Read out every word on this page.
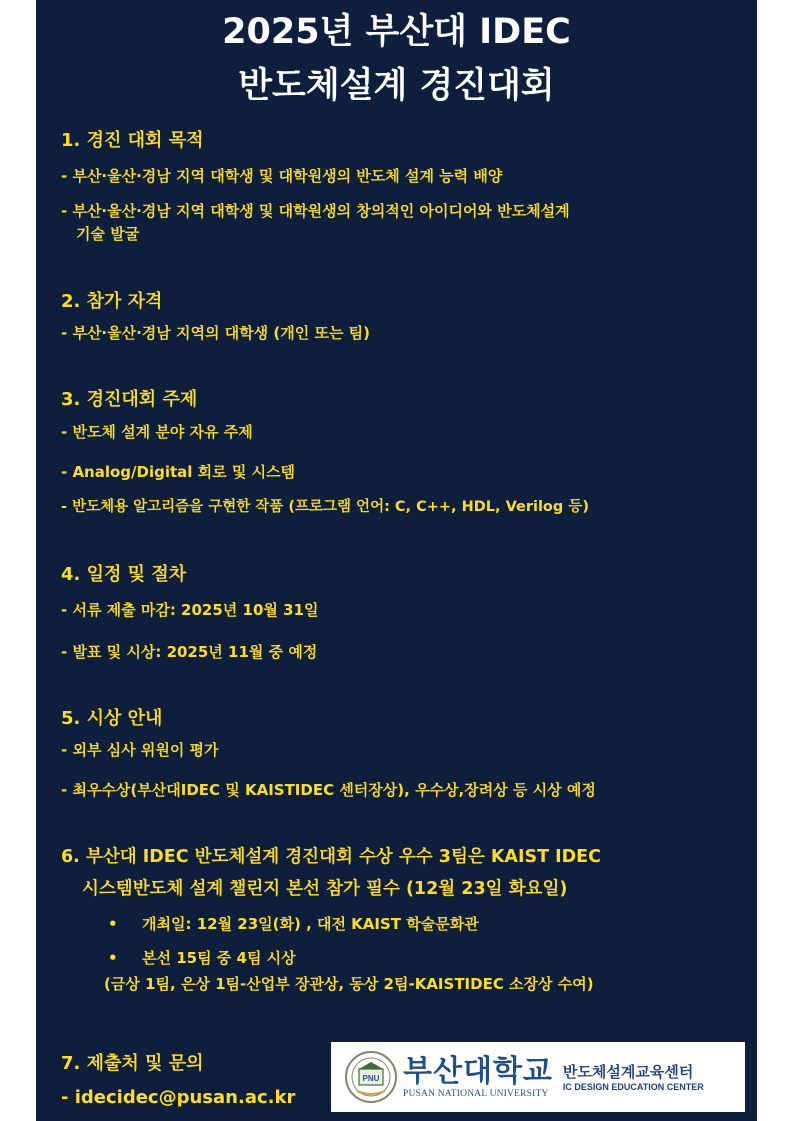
2025년 부산대 IDEC
반도체설계 경진대회
1. 경진 대회 목적
- 부산·울산·경남 지역 대학생 및 대학원생의 반도체 설계 능력 배양
- 부산·울산·경남 지역 대학생 및 대학원생의 창의적인 아이디어와 반도체설계
기술 발굴
2. 참가 자격
- 부산·울산·경남 지역의 대학생 (개인 또는 팀)
3. 경진대회 주제
- 반도체 설계 분야 자유 주제
- Analog/Digital 회로 및 시스템
- 반도체용 알고리즘을 구현한 작품 (프로그램 언어: C, C++, HDL, Verilog 등)
4. 일정 및 절차
- 서류 제출 마감: 2025년 10월 31일
- 발표 및 시상: 2025년 11월 중 예정
5. 시상 안내
- 외부 심사 위원이 평가
- 최우수상(부산대IDEC 및 KAISTIDEC 센터장상), 우수상,장려상 등 시상 예정
6. 부산대 IDEC 반도체설계 경진대회 수상 우수 3팀은 KAIST IDEC
시스템반도체 설계 챌린지 본선 참가 필수 (12월 23일 화요일)
• 개최일: 12월 23일(화) , 대전 KAIST 학술문화관
• 본선 15팀 중 4팀 시상
(금상 1팀, 은상 1팀-산업부 장관상, 동상 2팀-KAISTIDEC 소장상 수여)
7. 제출처 및 문의
- idecidec@pusan.ac.kr
PNU 부산대학교
PUSAN NATIONAL UNIVERSITY
반도체설계교육센터
IC DESIGN EDUCATION CENTER
